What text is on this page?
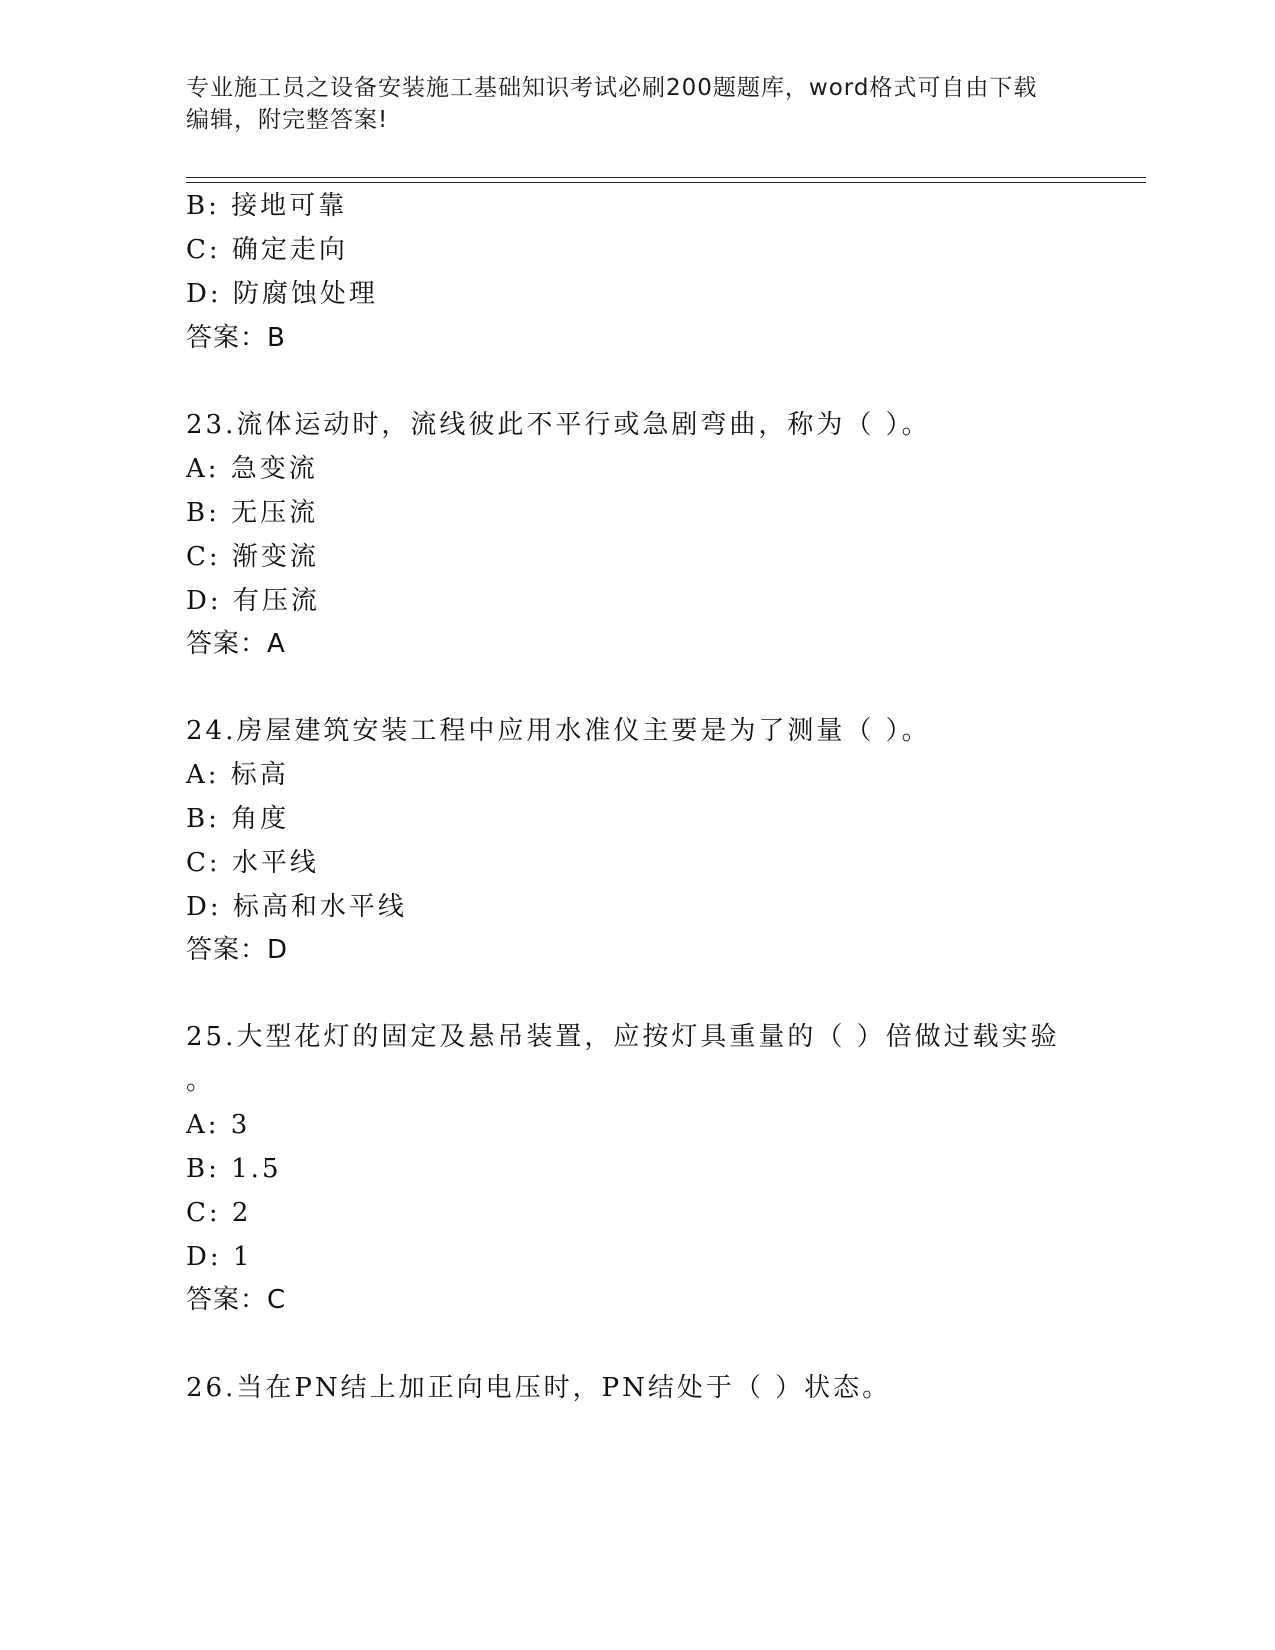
专业施工员之设备安装施工基础知识考试必刷200题题库，word格式可自由下载
编辑，附完整答案!
B: 接地可靠
C: 确定走向
D: 防腐蚀处理
答案：B
23.流体运动时，流线彼此不平行或急剧弯曲，称为（ ）。
A: 急变流
B: 无压流
C: 渐变流
D: 有压流
答案：A
24.房屋建筑安装工程中应用水准仪主要是为了测量（ ）。
A: 标高
B: 角度
C: 水平线
D: 标高和水平线
答案：D
25.大型花灯的固定及悬吊装置，应按灯具重量的（ ）倍做过载实验
。
A: 3
B: 1.5
C: 2
D: 1
答案：C
26.当在PN结上加正向电压时，PN结处于（ ）状态。
